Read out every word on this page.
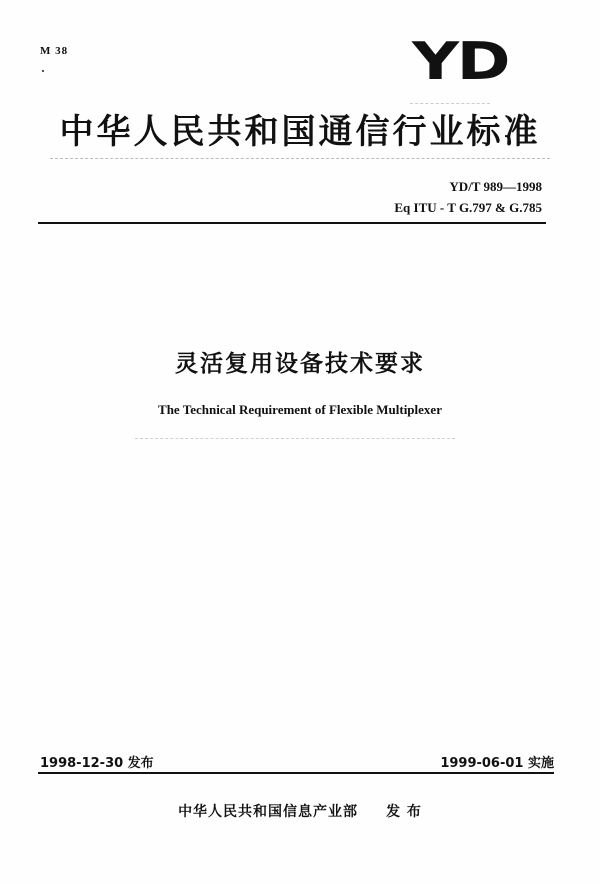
M 38	YD
中华人民共和国通信行业标准
YD/T 989—1998
Eq ITU - T G.797 & G.785
灵活复用设备技术要求
The Technical Requirement of Flexible Multiplexer
1998-12-30 发布	1999-06-01 实施
中华人民共和国信息产业部 发 布
